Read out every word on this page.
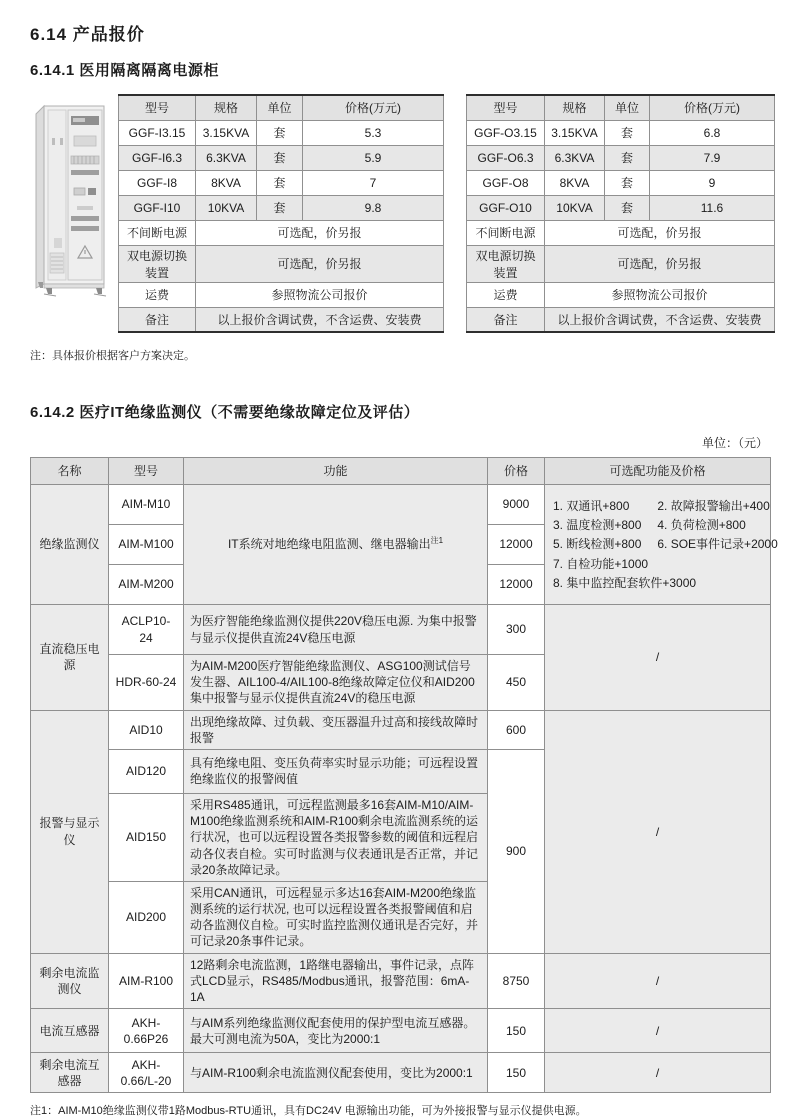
6.14 产品报价
6.14.1 医用隔离隔离电源柜
型号	规格	单位	价格(万元)
GGF-I3.15	3.15KVA	套	5.3
GGF-I6.3	6.3KVA	套	5.9
GGF-I8	8KVA	套	7
GGF-I10	10KVA	套	9.8
不间断电源	可选配，价另报		
双电源切换装置	可选配，价另报		
运费	参照物流公司报价		
备注	以上报价含调试费，不含运费、安装费		
型号	规格	单位	价格(万元)
GGF-O3.15	3.15KVA	套	6.8
GGF-O6.3	6.3KVA	套	7.9
GGF-O8	8KVA	套	9
GGF-O10	10KVA	套	11.6
不间断电源	可选配，价另报		
双电源切换装置	可选配，价另报		
运费	参照物流公司报价		
备注	以上报价含调试费，不含运费、安装费		
注：具体报价根据客户方案决定。
6.14.2 医疗IT绝缘监测仪（不需要绝缘故障定位及评估）
单位：（元）
名称	型号	功能	价格	可选配功能及价格
绝缘监测仪	AIM-M10	IT系统对地绝缘电阻监测、继电器输出$^{注1}$	9000	1. 双通讯+800	2. 故障报警输出+400
3. 温度检测+800 4. 负荷检测+800
5. 断线检测+800 6. SOE事件记录+2000
7. 自检功能+1000
8. 集中监控配套软件+3000

	AIM-M100		12000	
	AIM-M200		12000	
直流稳压电源	ACLP10-24	为医疗智能绝缘监测仪提供220V稳压电源. 为集中报警与显示仪提供直流24V稳压电源	300	/
	HDR-60-24	为AIM-M200医疗智能绝缘监测仪、ASG100测试信号发生器、AIL100-4/AIL100-8绝缘故障定位仪和AID200集中报警与显示仪提供直流24V的稳压电源	450	
报警与显示仪	AID10	出现绝缘故障、过负载、变压器温升过高和接线故障时报警	600	/
	AID120	具有绝缘电阻、变压负荷率实时显示功能；可远程设置绝缘监仪的报警阀值	900	
	AID150	采用RS485通讯，可远程监测最多16套AIM-M10/AIM-M100绝缘监测系统和AIM-R100剩余电流监测系统的运行状况，也可以远程设置各类报警参数的阈值和远程启动各仪表自检。实可时监测与仪表通讯是否正常，并记录20条故障记录。		
	AID200	采用CAN通讯，可远程显示多达16套AIM-M200绝缘监测系统的运行状况, 也可以远程设置各类报警阈值和启动各监测仪自检。可实时监控监测仪通讯是否完好，并可记录20条事件记录。		
剩余电流监测仪	AIM-R100	12路剩余电流监测，1路继电器输出，事件记录，点阵式LCD显示，RS485/Modbus通讯，报警范围：6mA-1A	8750	/
电流互感器	AKH-0.66P26	与AIM系列绝缘监测仪配套使用的保护型电流互感器。最大可测电流为50A，变比为2000:1	150	/
剩余电流互感器	AKH-0.66/L-20	与AIM-R100剩余电流监测仪配套使用，变比为2000:1	150	/
注1：AIM-M10绝缘监测仪带1路Modbus-RTU通讯，具有DC24V 电源输出功能，可为外接报警与显示仪提供电源。
